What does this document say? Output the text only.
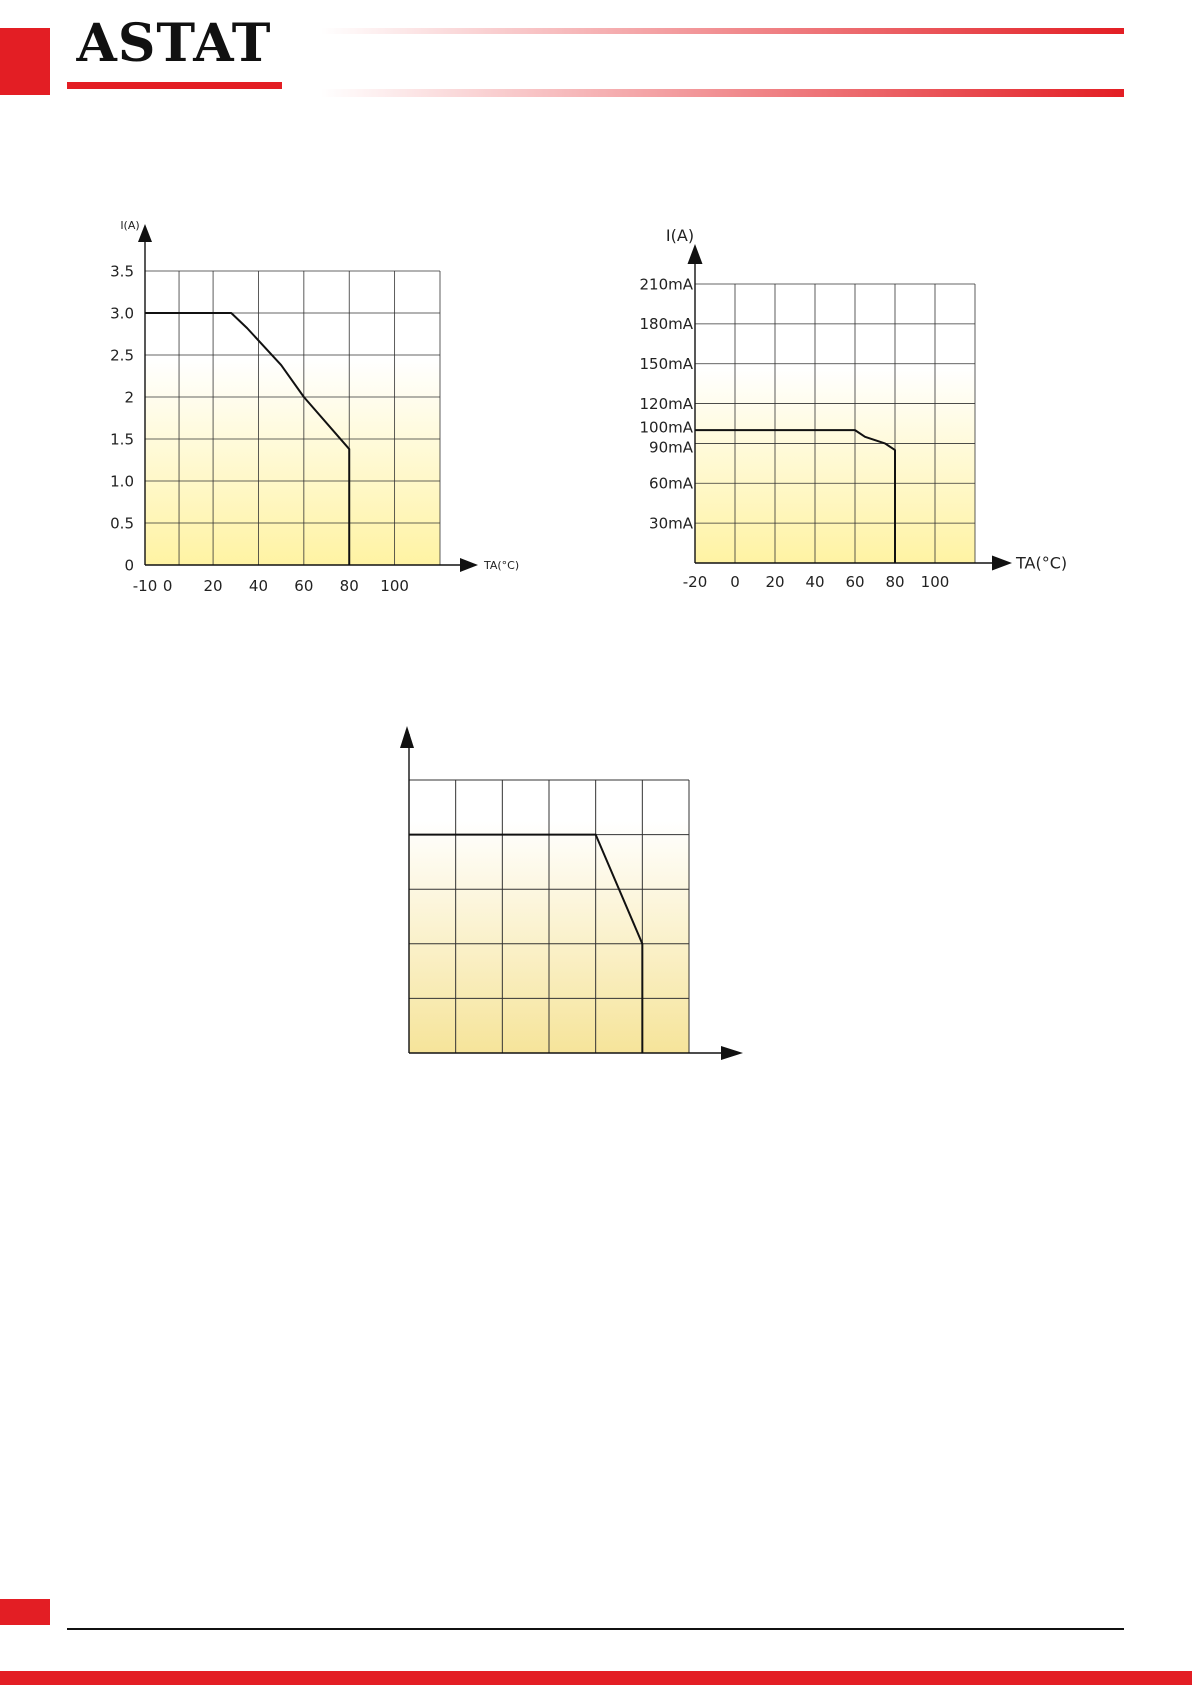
ASTAT
-10 0 20 40 60 80 100
0
0.5
1.0
1.5
2
2.5
3.0
3.5
I(A)
TA(°C)
-20 0 20 40 60 80 100
30mA
60mA
90mA
100mA
120mA
150mA
180mA
210mA
I(A)
TA(°C)
